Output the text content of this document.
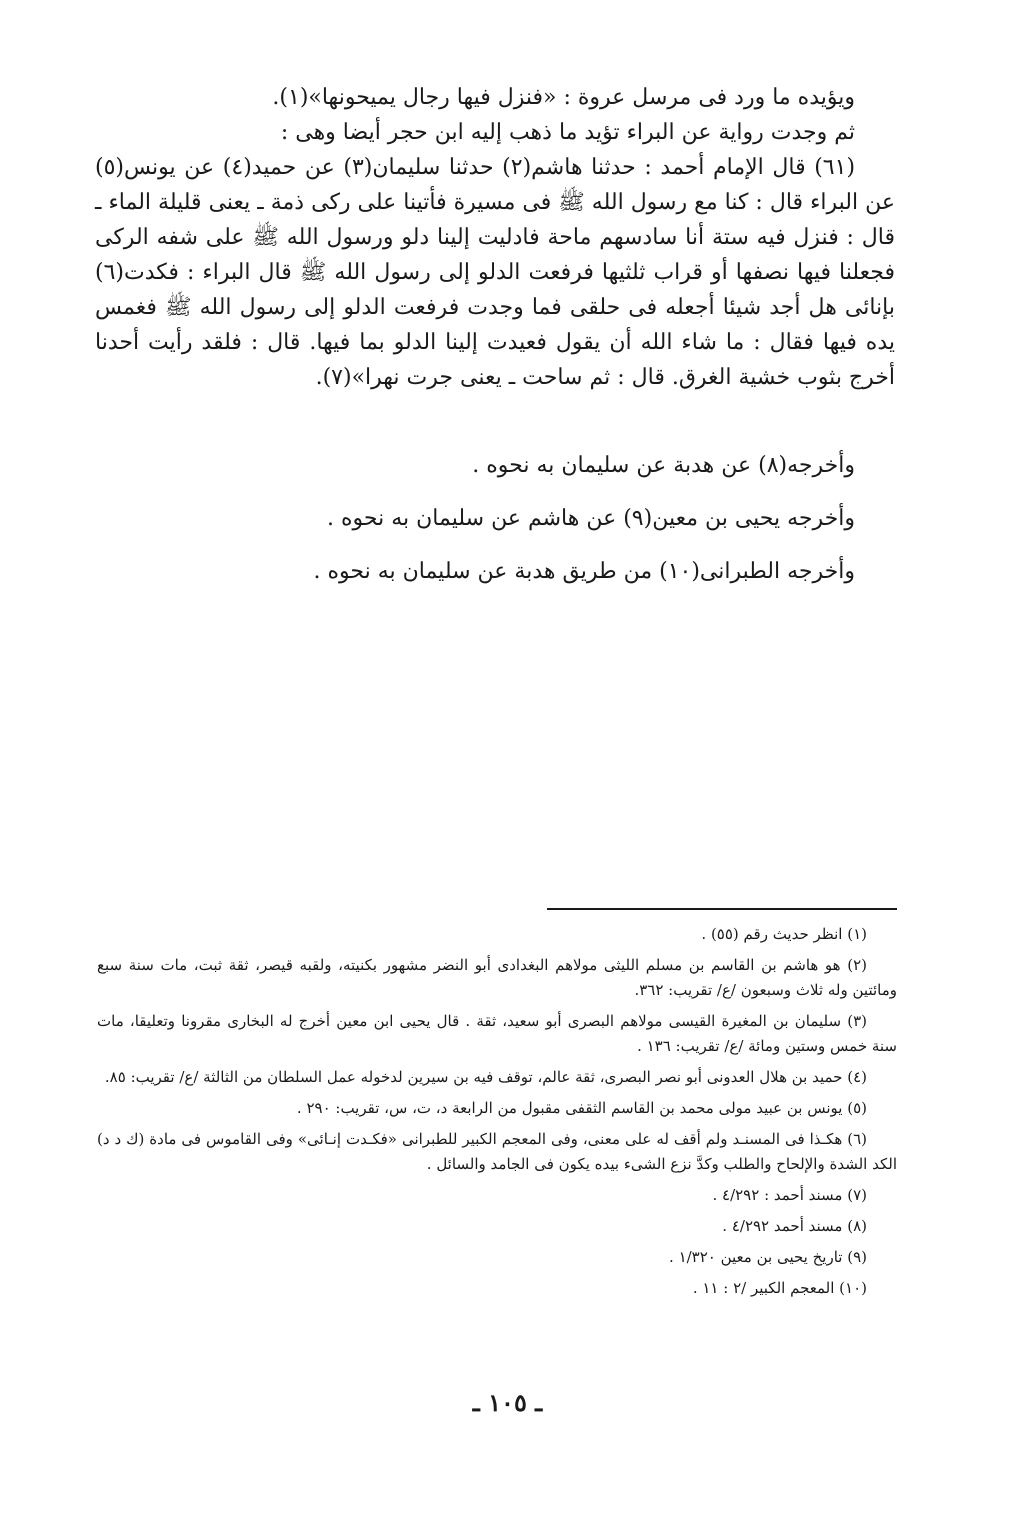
ويؤيده ما ورد فى مرسل عروة : «فنزل فيها رجال يميحونها»(١).

ثم وجدت رواية عن البراء تؤيد ما ذهب إليه ابن حجر أيضا وهى :

(٦١) قال الإمام أحمد : حدثنا هاشم(٢) حدثنا سليمان(٣) عن حميد(٤) عن يونس(٥) عن البراء قال : كنا مع رسول الله ﷺ فى مسيرة فأتينا على ركى ذمة ـ يعنى قليلة الماء ـ قال : فنزل فيه ستة أنا سادسهم ماحة فادليت إلينا دلو ورسول الله ﷺ على شفه الركى فجعلنا فيها نصفها أو قراب ثلثيها فرفعت الدلو إلى رسول الله ﷺ قال البراء : فكدت(٦) بإنائى هل أجد شيئا أجعله فى حلقى فما وجدت فرفعت الدلو إلى رسول الله ﷺ فغمس يده فيها فقال : ما شاء الله أن يقول فعيدت إلينا الدلو بما فيها. قال : فلقد رأيت أحدنا أخرج بثوب خشية الغرق. قال : ثم ساحت ـ يعنى جرت نهرا»(٧).

وأخرجه(٨) عن هدبة عن سليمان به نحوه .

وأخرجه يحيى بن معين(٩) عن هاشم عن سليمان به نحوه .

وأخرجه الطبرانى(١٠) من طريق هدبة عن سليمان به نحوه .

(١) انظر حديث رقم (٥٥) .

(٢) هو هاشم بن القاسم بن مسلم الليثى مولاهم البغدادى أبو النضر مشهور بكنيته، ولقبه قيصر، ثقة ثبت، مات سنة سبع ومائتين وله ثلاث وسبعون /ع/ تقريب: ٣٦٢.

(٣) سليمان بن المغيرة القيسى مولاهم البصرى أبو سعيد، ثقة . قال يحيى ابن معين أخرج له البخارى مقرونا وتعليقا، مات سنة خمس وستين ومائة /ع/ تقريب: ١٣٦ .

(٤) حميد بن هلال العدونى أبو نصر البصرى، ثقة عالم، توقف فيه بن سيرين لدخوله عمل السلطان من الثالثة /ع/ تقريب: ٨٥.

(٥) يونس بن عبيد مولى محمد بن القاسم الثقفى مقبول من الرابعة د، ت، س، تقريب: ٢٩٠ .

(٦) هكـذا فى المسنـد ولم أقف له على معنى، وفى المعجم الكبير للطبرانى «فكـدت إنـائى» وفى القاموس فى مادة (ك د د) الكد الشدة والإلحاح والطلب وكدَّ نزع الشىء بيده يكون فى الجامد والسائل .

(٧) مسند أحمد : ٤/٢٩٢ .

(٨) مسند أحمد ٤/٢٩٢ .

(٩) تاريخ يحيى بن معين ١/٣٢٠ .

(١٠) المعجم الكبير /٢ : ١١ .

ـ ١٠٥ ـ
